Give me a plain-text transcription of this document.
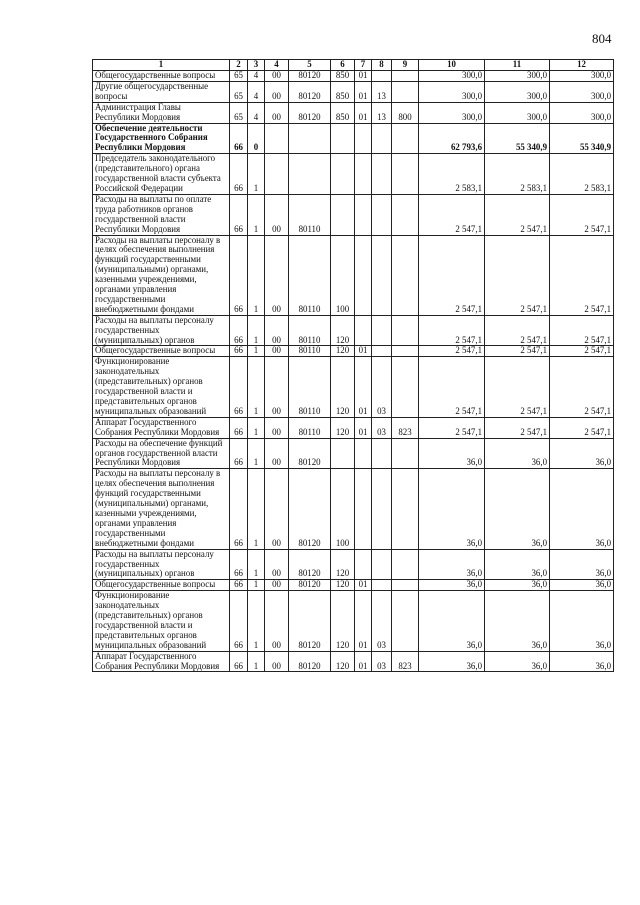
804
1	2	3	4	5	6	7	8	9	10	11	12
Общегосударственные вопросы	65	4	00	80120	850	01			300,0	300,0	300,0
Другие общегосударственные вопросы	65	4	00	80120	850	01	13		300,0	300,0	300,0
Администрация Главы Республики Мордовия	65	4	00	80120	850	01	13	800	300,0	300,0	300,0
Обеспечение деятельности Государственного Собрания Республики Мордовия	66	0							62 793,6	55 340,9	55 340,9
Председатель законодательного (представительного) органа государственной власти субъекта Российской Федерации	66	1							2 583,1	2 583,1	2 583,1
Расходы на выплаты по оплате труда работников органов государственной власти Республики Мордовия	66	1	00	80110					2 547,1	2 547,1	2 547,1
Расходы на выплаты персоналу в целях обеспечения выполнения функций государственными (муниципальными) органами, казенными учреждениями, органами управления государственными внебюджетными фондами	66	1	00	80110	100				2 547,1	2 547,1	2 547,1
Расходы на выплаты персоналу государственных (муниципальных) органов	66	1	00	80110	120				2 547,1	2 547,1	2 547,1
Общегосударственные вопросы	66	1	00	80110	120	01			2 547,1	2 547,1	2 547,1
Функционирование законодательных (представительных) органов государственной власти и представительных органов муниципальных образований	66	1	00	80110	120	01	03		2 547,1	2 547,1	2 547,1
Аппарат Государственного Собрания Республики Мордовия	66	1	00	80110	120	01	03	823	2 547,1	2 547,1	2 547,1
Расходы на обеспечение функций органов государственной власти Республики Мордовия	66	1	00	80120					36,0	36,0	36,0
Расходы на выплаты персоналу в целях обеспечения выполнения функций государственными (муниципальными) органами, казенными учреждениями, органами управления государственными внебюджетными фондами	66	1	00	80120	100				36,0	36,0	36,0
Расходы на выплаты персоналу государственных (муниципальных) органов	66	1	00	80120	120				36,0	36,0	36,0
Общегосударственные вопросы	66	1	00	80120	120	01			36,0	36,0	36,0
Функционирование законодательных (представительных) органов государственной власти и представительных органов муниципальных образований	66	1	00	80120	120	01	03		36,0	36,0	36,0
Аппарат Государственного Собрания Республики Мордовия	66	1	00	80120	120	01	03	823	36,0	36,0	36,0
